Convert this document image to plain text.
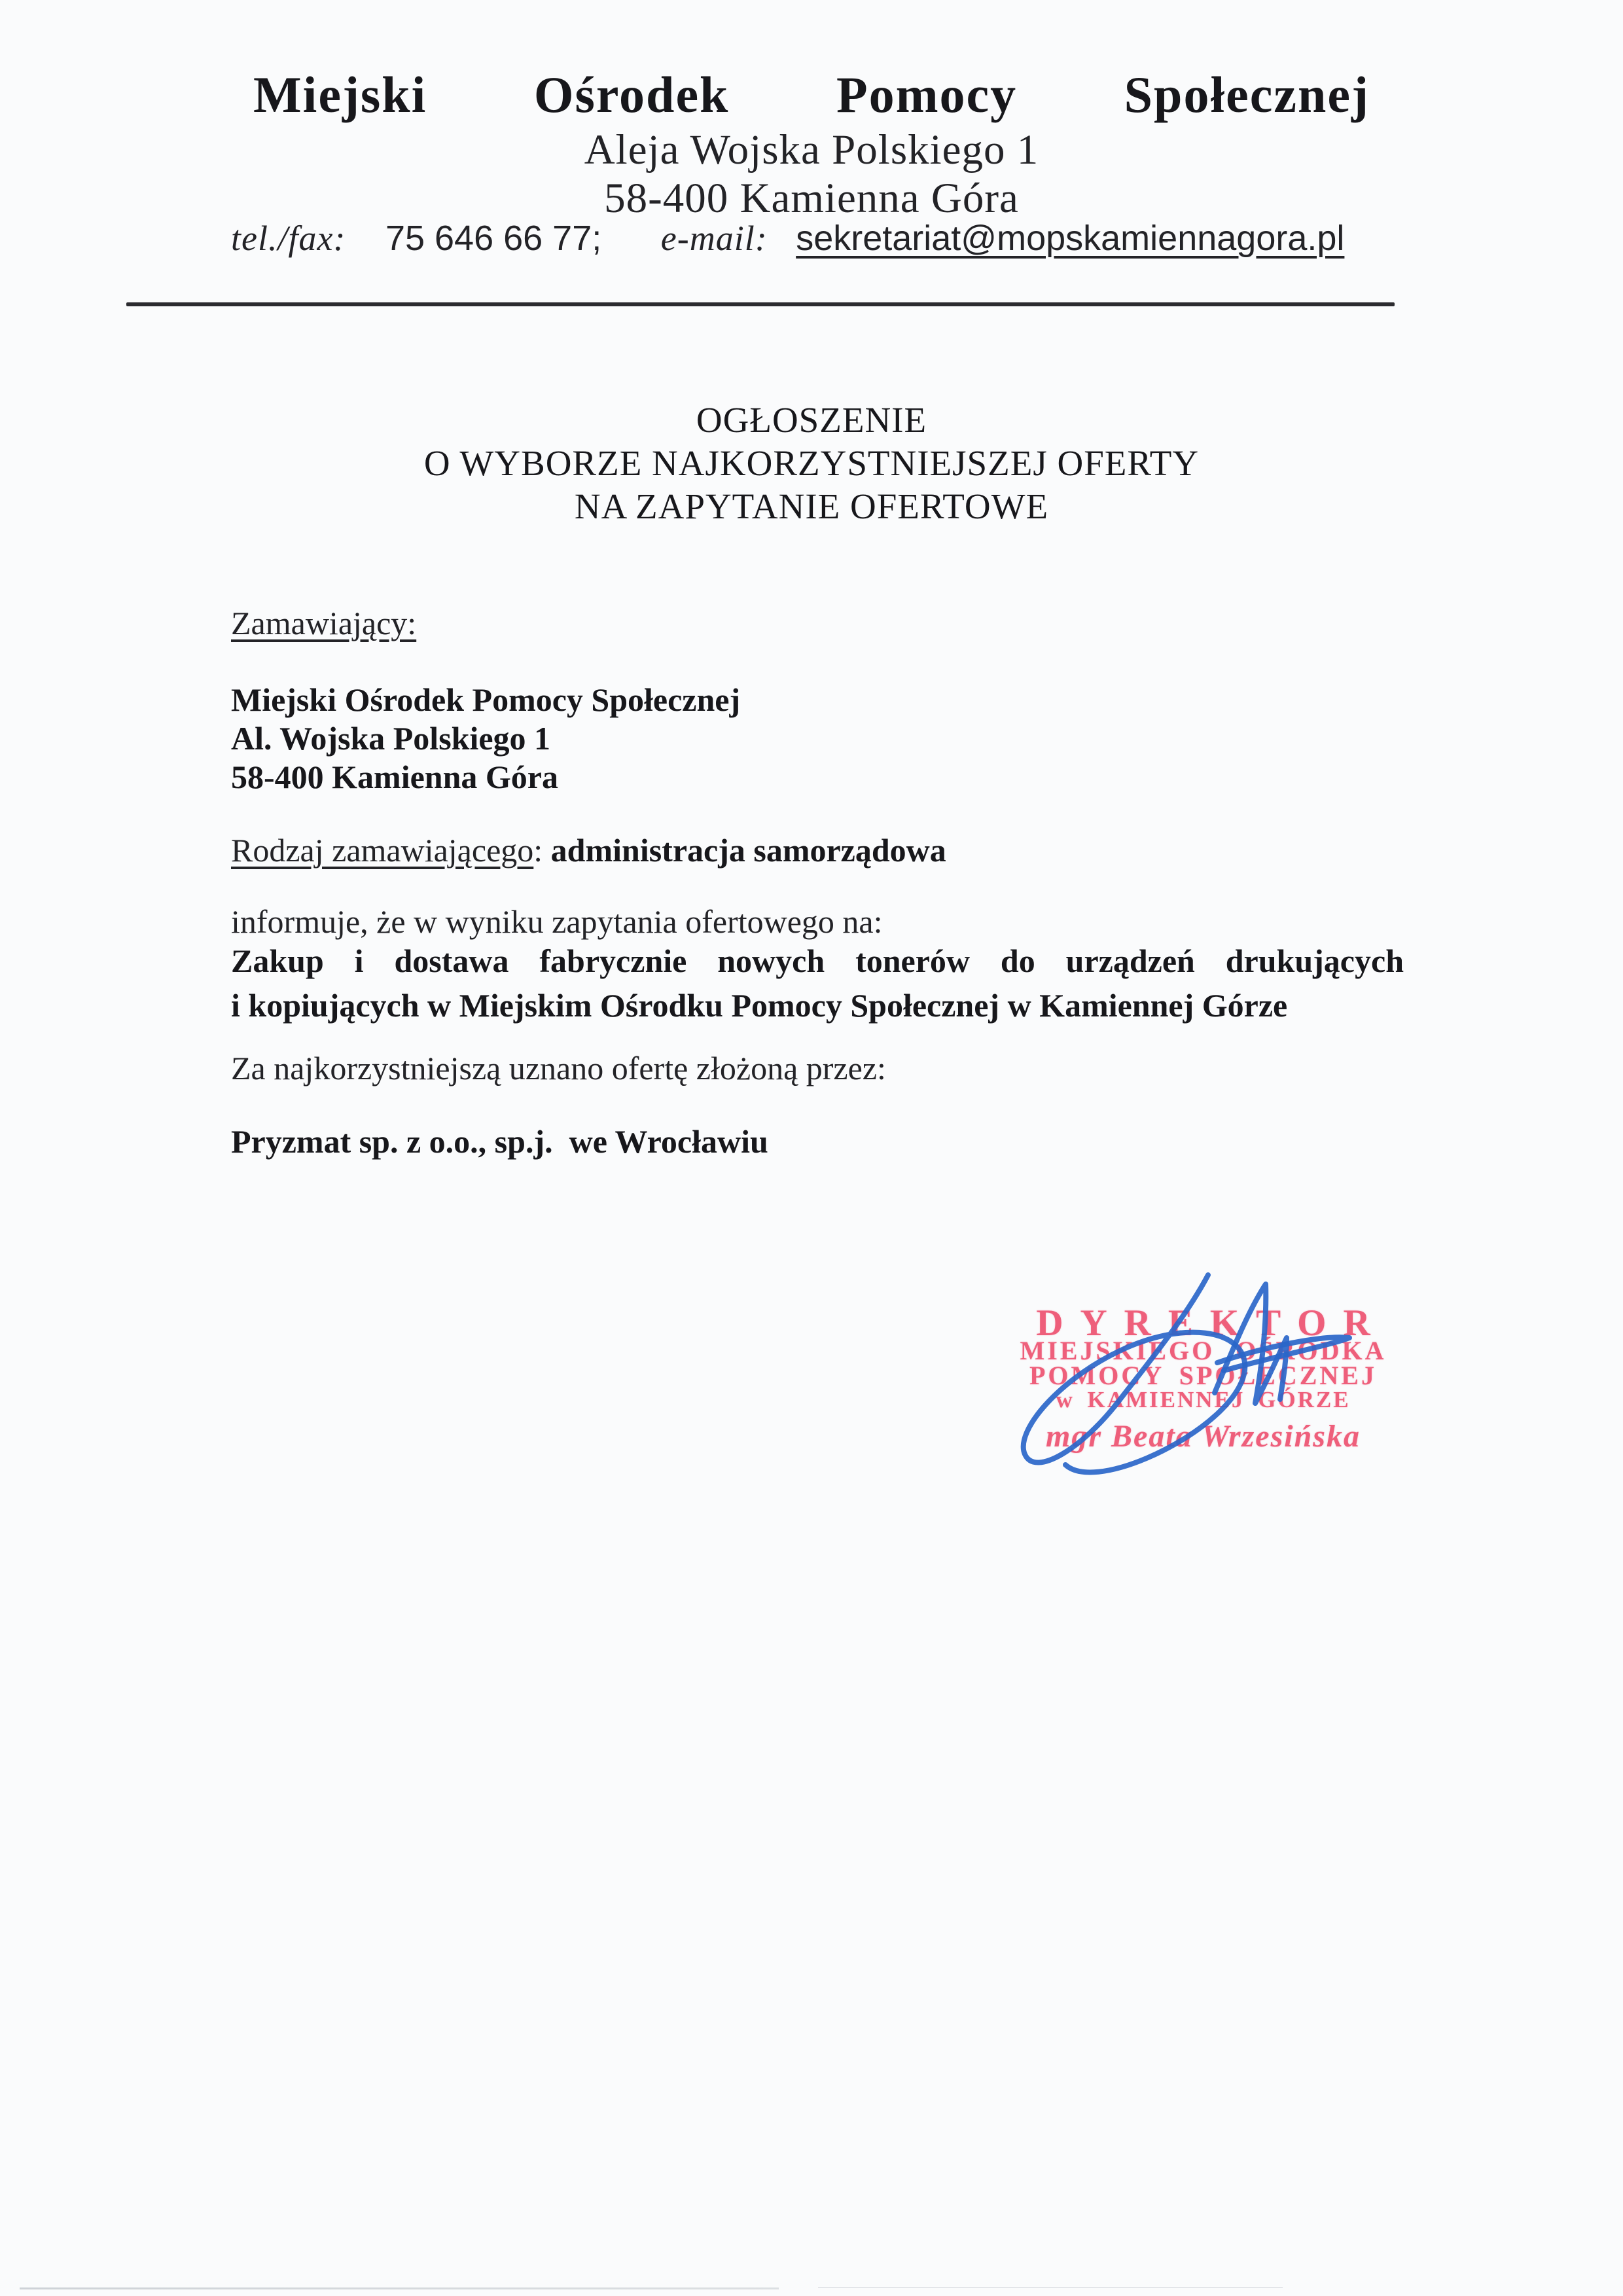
Miejski Ośrodek Pomocy Społecznej
Aleja Wojska Polskiego 1
58-400 Kamienna Góra
tel./fax: 75 646 66 77; e-mail: sekretariat@mopskamiennagora.pl
OGŁOSZENIE
O WYBORZE NAJKORZYSTNIEJSZEJ OFERTY
NA ZAPYTANIE OFERTOWE
Zamawiający:
Miejski Ośrodek Pomocy Społecznej
Al. Wojska Polskiego 1
58-400 Kamienna Góra
Rodzaj zamawiającego: administracja samorządowa
informuje, że w wyniku zapytania ofertowego na:
Zakup i dostawa fabrycznie nowych tonerów do urządzeń drukujących
i kopiujących w Miejskim Ośrodku Pomocy Społecznej w Kamiennej Górze
Za najkorzystniejszą uznano ofertę złożoną przez:
Pryzmat sp. z o.o., sp.j.  we Wrocławiu
DYREKTOR
MIEJSKIEGO OŚRODKA
POMOCY SPOŁECZNEJ
w KAMIENNEJ GÓRZE
mgr Beata Wrzesińska
